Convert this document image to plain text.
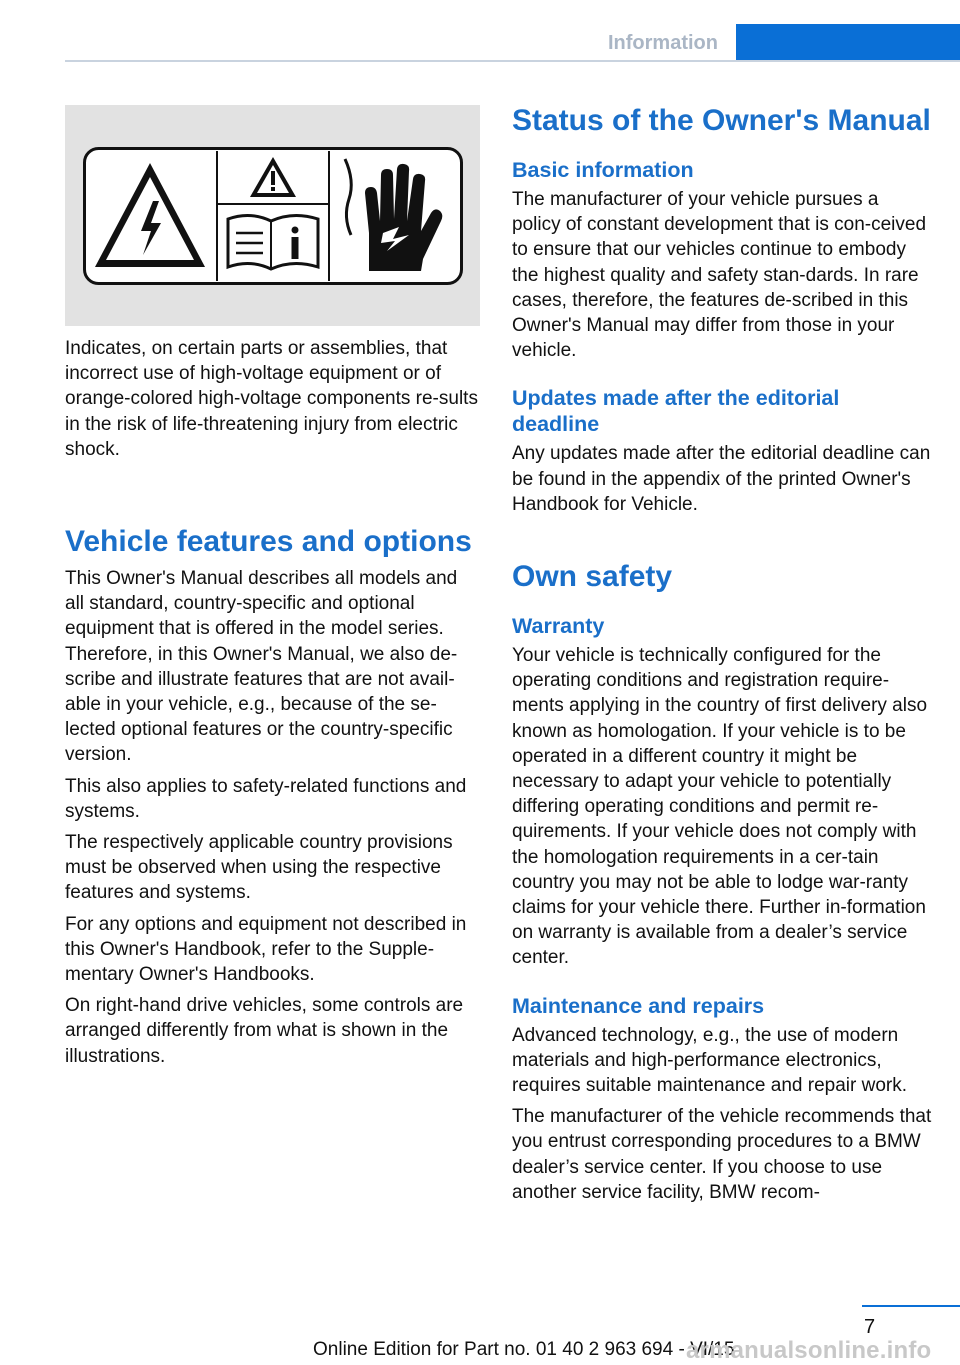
Information

Indicates, on certain parts or assemblies, that incorrect use of high-voltage equipment or of orange-colored high-voltage components re‐sults in the risk of life-threatening injury from electric shock.

Vehicle features and options

This Owner's Manual describes all models and all standard, country-specific and optional equipment that is offered in the model series. Therefore, in this Owner's Manual, we also de‐scribe and illustrate features that are not avail‐able in your vehicle, e.g., because of the se‐lected optional features or the country-specific version.

This also applies to safety-related functions and systems.

The respectively applicable country provisions must be observed when using the respective features and systems.

For any options and equipment not described in this Owner's Handbook, refer to the Supple‐mentary Owner's Handbooks.

On right-hand drive vehicles, some controls are arranged differently from what is shown in the illustrations.

Status of the Owner's Manual
Basic information

The manufacturer of your vehicle pursues a policy of constant development that is con‐ceived to ensure that our vehicles continue to embody the highest quality and safety stan‐dards. In rare cases, therefore, the features de‐scribed in this Owner's Manual may differ from those in your vehicle.

Updates made after the editorial deadline

Any updates made after the editorial deadline can be found in the appendix of the printed Owner's Handbook for Vehicle.

Own safety
Warranty

Your vehicle is technically configured for the operating conditions and registration require‐ments applying in the country of first delivery also known as homologation. If your vehicle is to be operated in a different country it might be necessary to adapt your vehicle to potentially differing operating conditions and permit re‐quirements. If your vehicle does not comply with the homologation requirements in a cer‐tain country you may not be able to lodge war‐ranty claims for your vehicle there. Further in‐formation on warranty is available from a dealer’s service center.

Maintenance and repairs

Advanced technology, e.g., the use of modern materials and high-performance electronics, requires suitable maintenance and repair work.

The manufacturer of the vehicle recommends that you entrust corresponding procedures to a BMW dealer’s service center. If you choose to use another service facility, BMW recom‐

7
Online Edition for Part no. 01 40 2 963 694 - VI/15
armanualsonline.info
